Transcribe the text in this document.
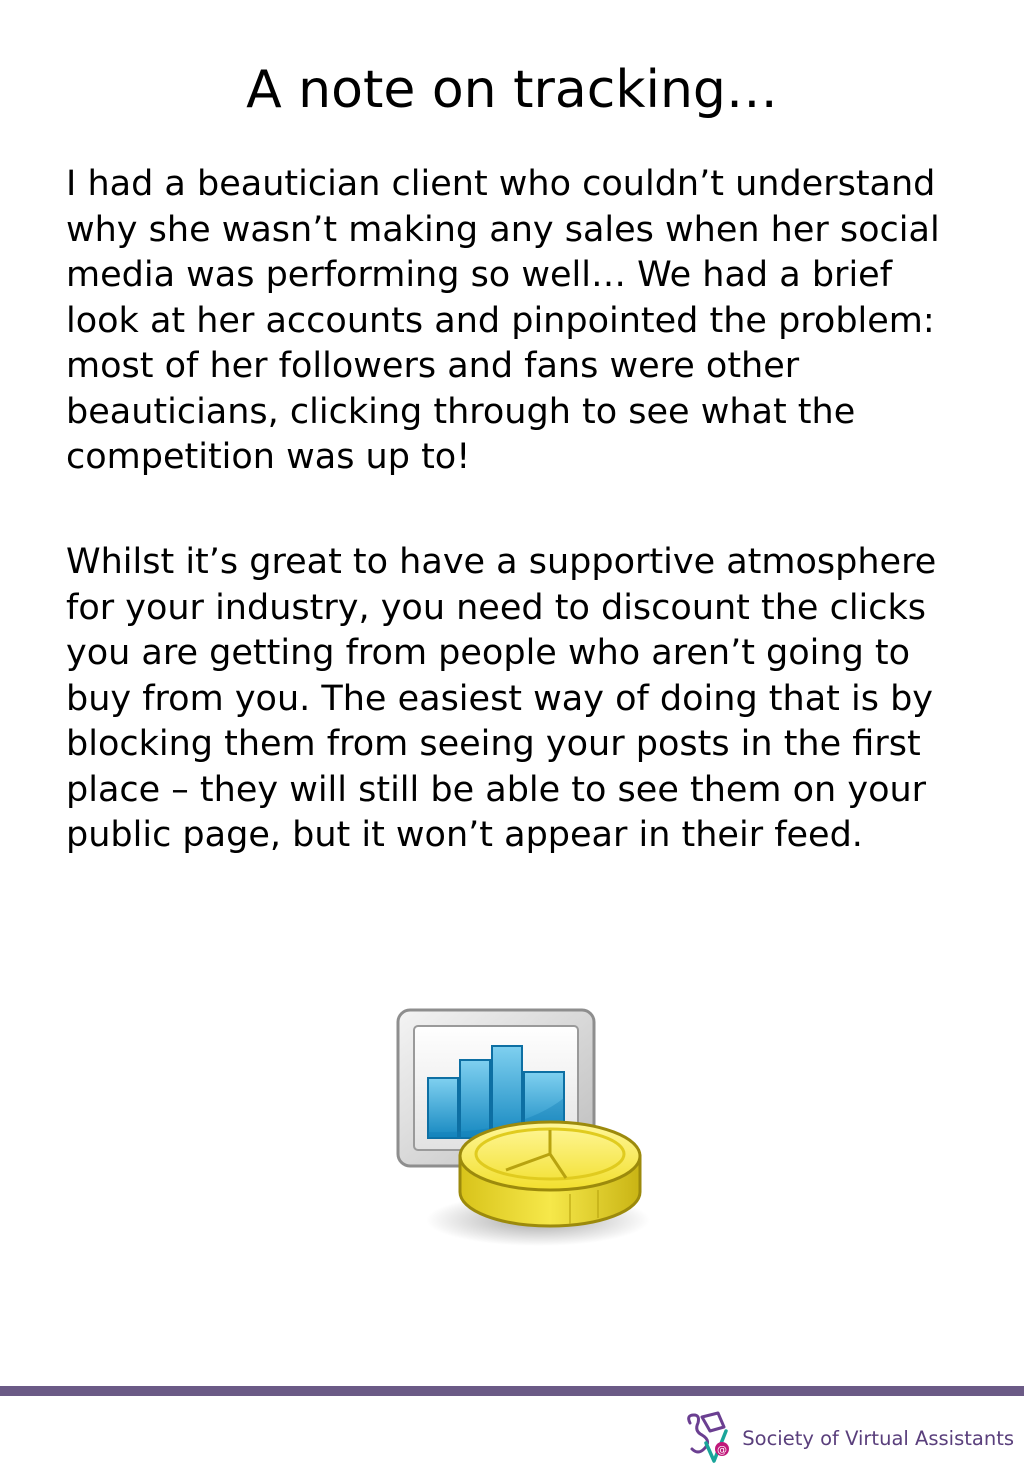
A note on tracking…

I had a beautician client who couldn’t understand why she wasn’t making any sales when her social media was performing so well… We had a brief look at her accounts and pinpointed the problem: most of her followers and fans were other beauticians, clicking through to see what the competition was up to!

Whilst it’s great to have a supportive atmosphere for your industry, you need to discount the clicks you are getting from people who aren’t going to buy from you. The easiest way of doing that is by blocking them from seeing your posts in the first place – they will still be able to see them on your public page, but it won’t appear in their feed.

@
Society of Virtual Assistants
